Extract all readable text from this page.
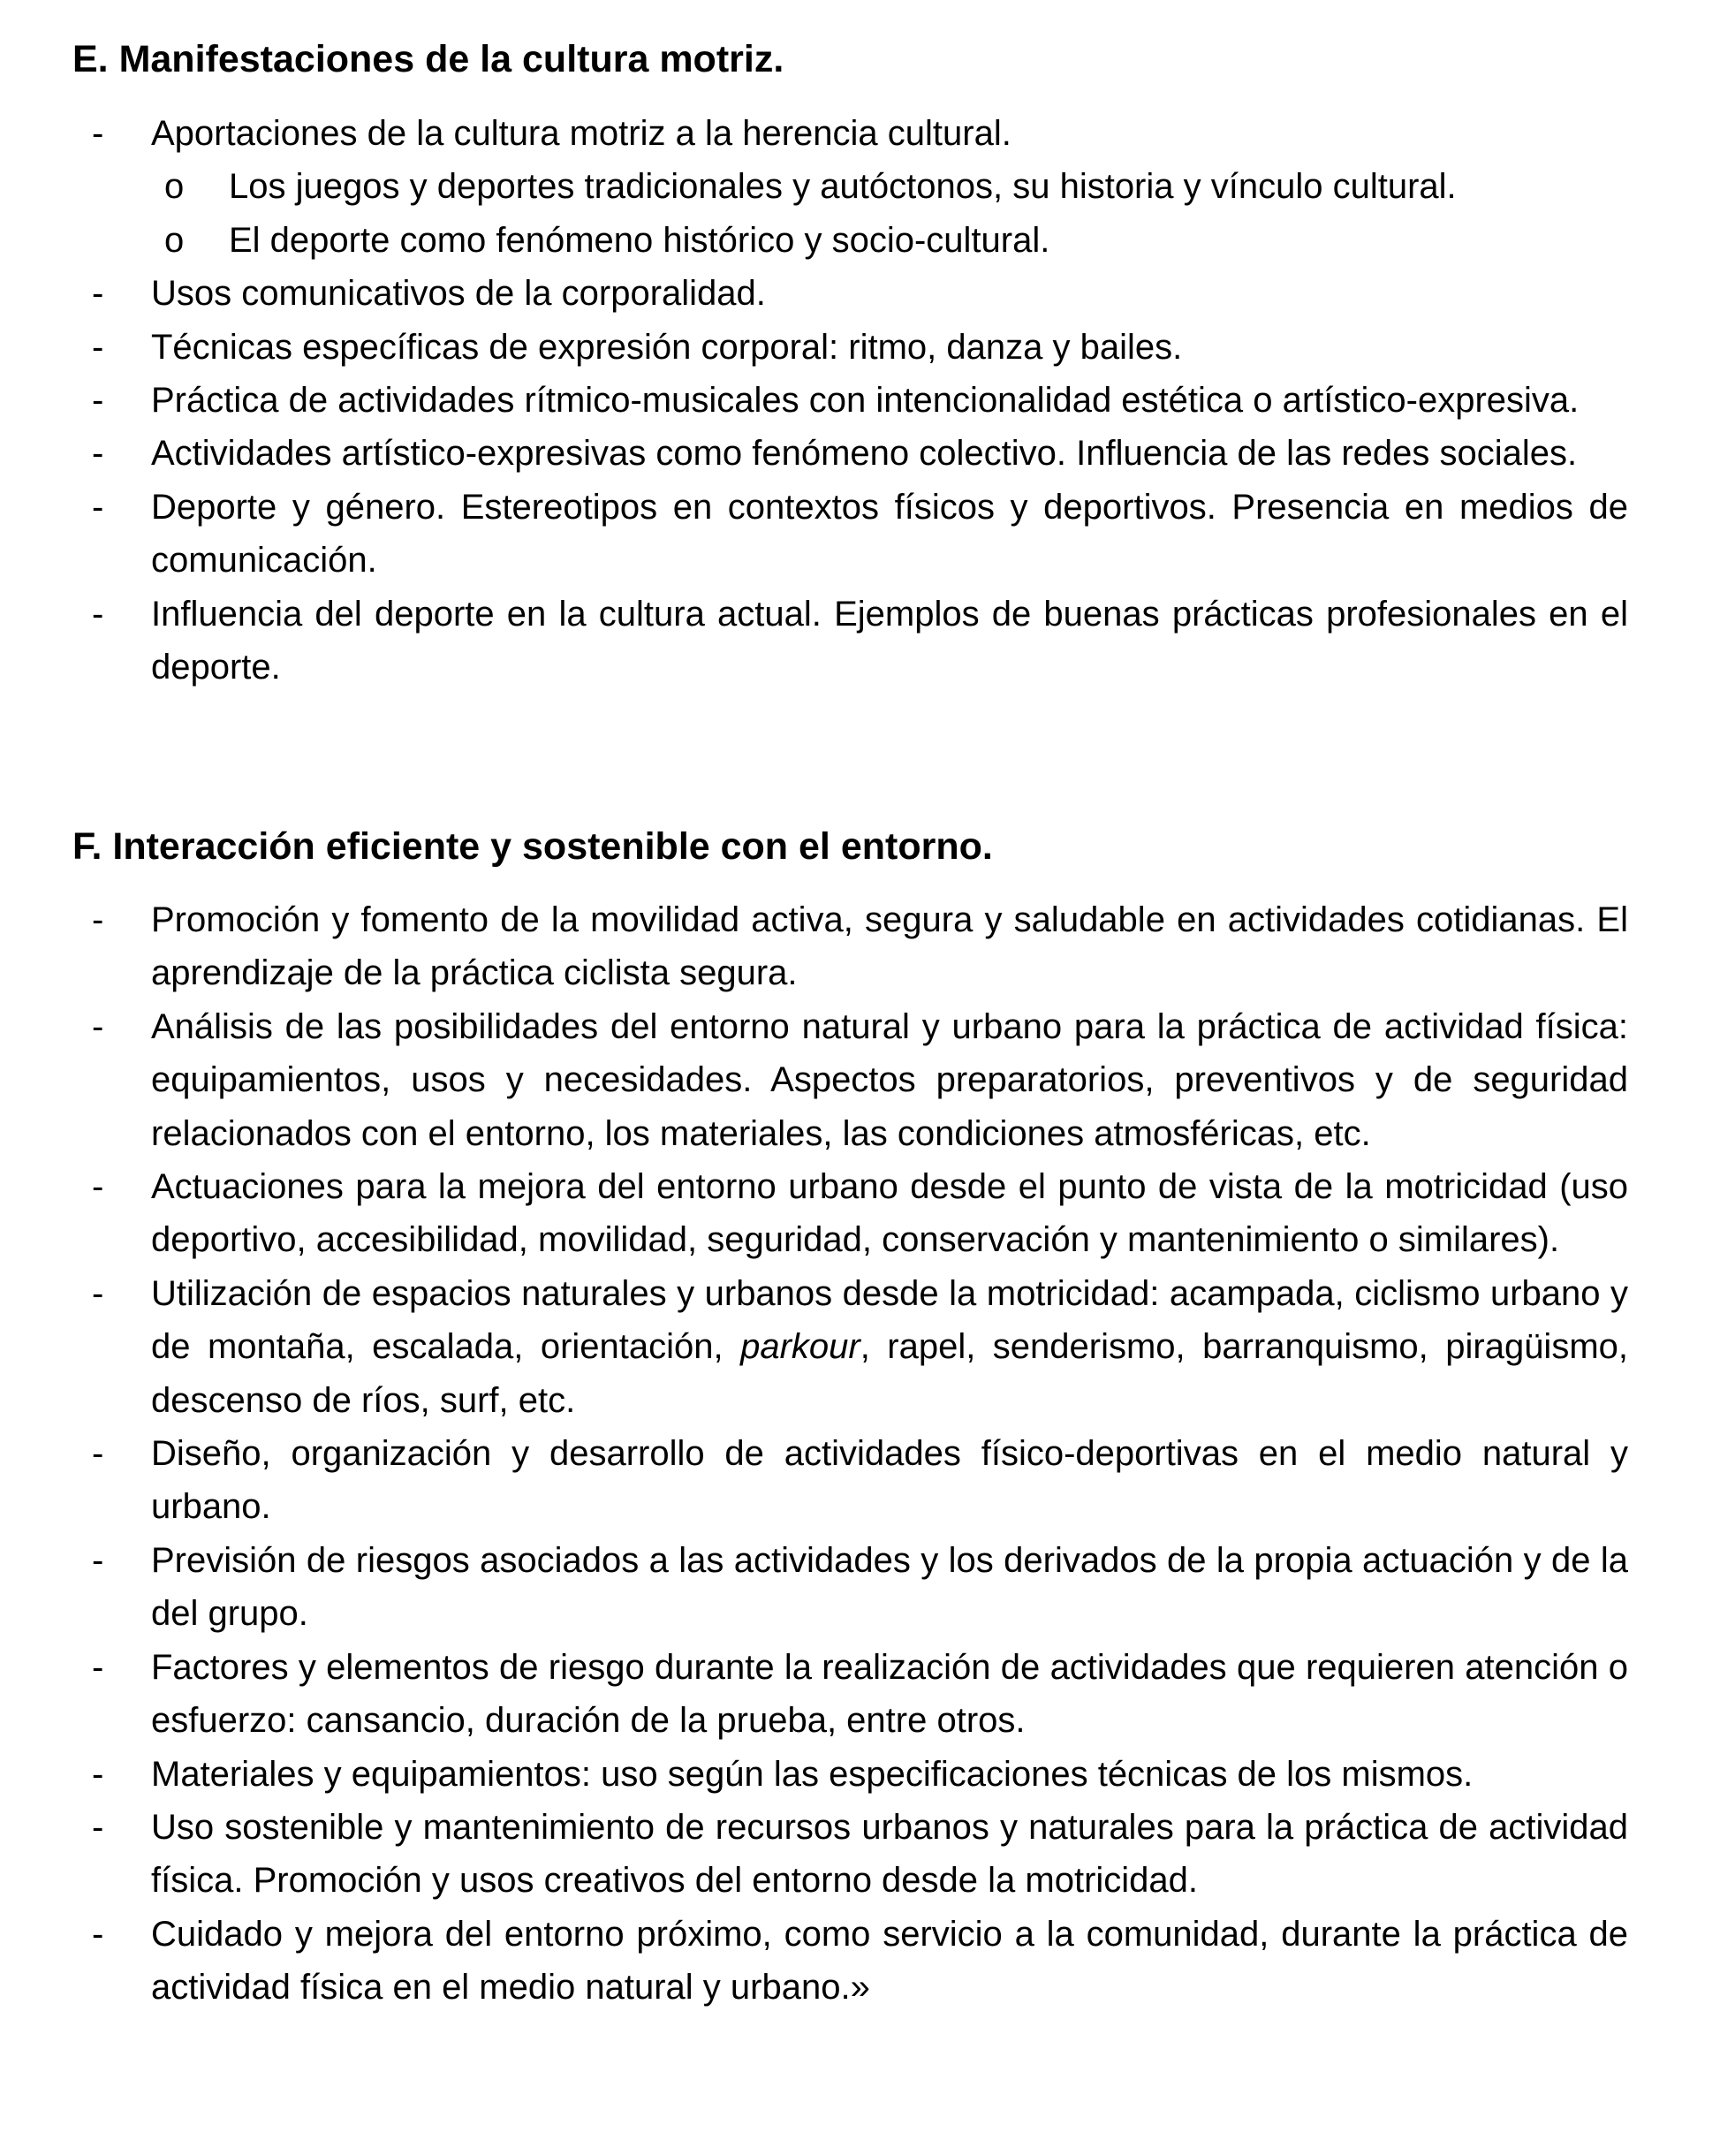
E. Manifestaciones de la cultura motriz.
-	Aportaciones de la cultura motriz a la herencia cultural.
o Los juegos y deportes tradicionales y autóctonos, su historia y vínculo cultural.
o El deporte como fenómeno histórico y socio-cultural.
-	Usos comunicativos de la corporalidad.
-	Técnicas específicas de expresión corporal: ritmo, danza y bailes.
-	Práctica de actividades rítmico-musicales con intencionalidad estética o artístico-expresiva.
-	Actividades artístico-expresivas como fenómeno colectivo. Influencia de las redes sociales.
-	Deporte y género. Estereotipos en contextos físicos y deportivos. Presencia en medios de comunicación.
-	Influencia del deporte en la cultura actual. Ejemplos de buenas prácticas profesionales en el deporte.
F. Interacción eficiente y sostenible con el entorno.
-	Promoción y fomento de la movilidad activa, segura y saludable en actividades cotidianas. El aprendizaje de la práctica ciclista segura.
-	Análisis de las posibilidades del entorno natural y urbano para la práctica de actividad física: equipamientos, usos y necesidades. Aspectos preparatorios, preventivos y de seguridad relacionados con el entorno, los materiales, las condiciones atmosféricas, etc.
-	Actuaciones para la mejora del entorno urbano desde el punto de vista de la motricidad (uso deportivo, accesibilidad, movilidad, seguridad, conservación y mantenimiento o similares).
-	Utilización de espacios naturales y urbanos desde la motricidad: acampada, ciclismo urbano y de montaña, escalada, orientación, parkour, rapel, senderismo, barranquismo, piragüismo, descenso de ríos, surf, etc.
-	Diseño, organización y desarrollo de actividades físico-deportivas en el medio natural y urbano.
-	Previsión de riesgos asociados a las actividades y los derivados de la propia actuación y de la del grupo.
-	Factores y elementos de riesgo durante la realización de actividades que requieren atención o esfuerzo: cansancio, duración de la prueba, entre otros.
-	Materiales y equipamientos: uso según las especificaciones técnicas de los mismos.
-	Uso sostenible y mantenimiento de recursos urbanos y naturales para la práctica de actividad física. Promoción y usos creativos del entorno desde la motricidad.
-	Cuidado y mejora del entorno próximo, como servicio a la comunidad, durante la práctica de actividad física en el medio natural y urbano.»
